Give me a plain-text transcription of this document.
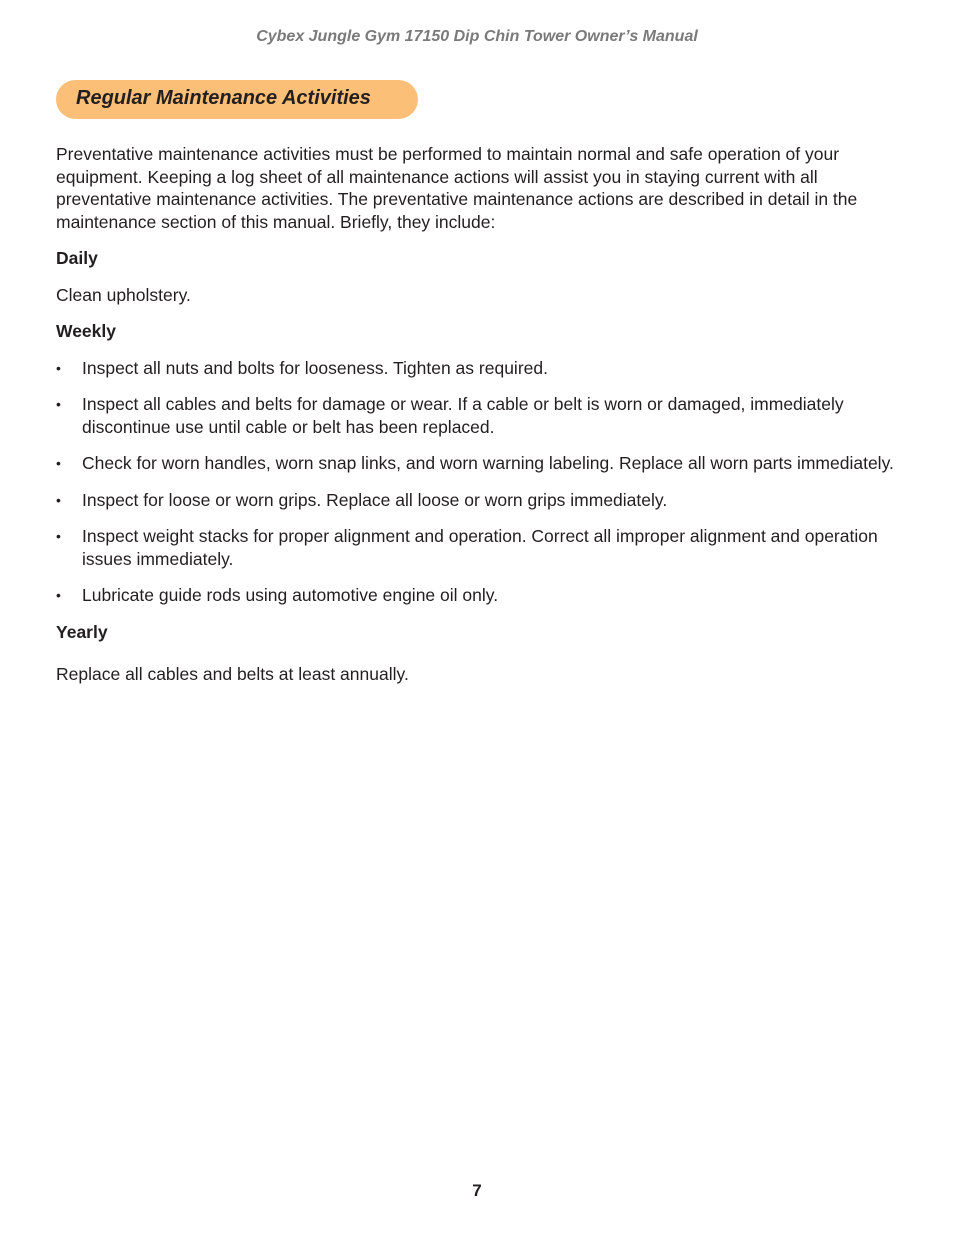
Cybex Jungle Gym 17150 Dip Chin Tower Owner’s Manual
Regular Maintenance Activities

Preventative maintenance activities must be performed to maintain normal and safe operation of your equipment. Keeping a log sheet of all maintenance actions will assist you in staying current with all preventative maintenance activities. The preventative maintenance actions are described in detail in the maintenance section of this manual. Briefly, they include:

Daily

Clean upholstery.

Weekly

• Inspect all nuts and bolts for looseness. Tighten as required.
• Inspect all cables and belts for damage or wear. If a cable or belt is worn or damaged, immediately discontinue use until cable or belt has been replaced.
• Check for worn handles, worn snap links, and worn warning labeling. Replace all worn parts immediately.
• Inspect for loose or worn grips. Replace all loose or worn grips immediately.
• Inspect weight stacks for proper alignment and operation. Correct all improper alignment and operation issues immediately.
• Lubricate guide rods using automotive engine oil only.

Yearly

Replace all cables and belts at least annually.

7
